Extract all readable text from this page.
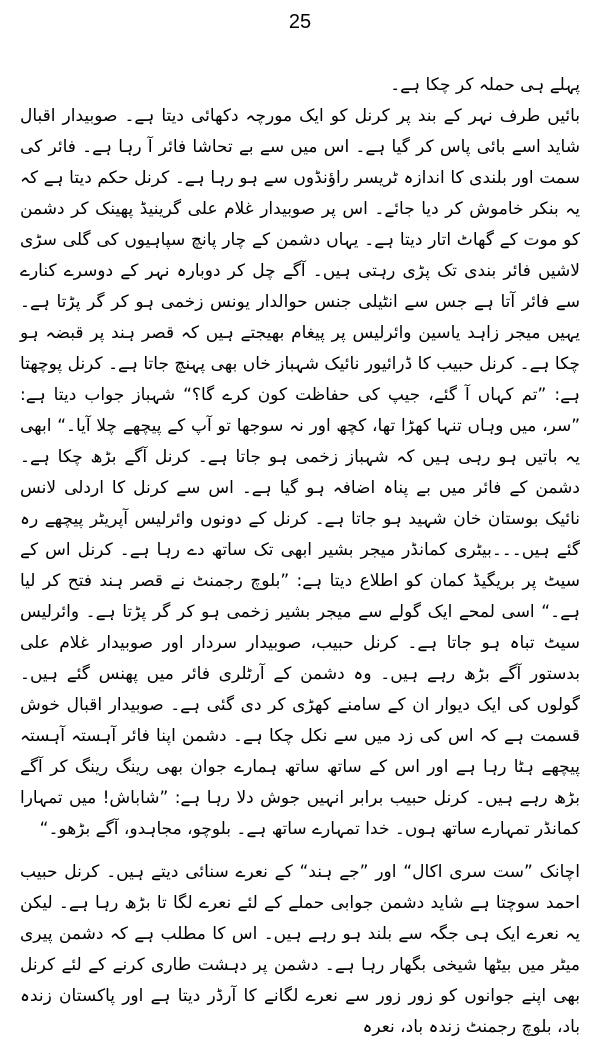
25

پہلے ہی حملہ کر چکا ہے۔

بائیں طرف نہر کے بند پر کرنل کو ایک مورچہ دکھائی دیتا ہے۔ صوبیدار اقبال شاید اسے بائی پاس کر گیا ہے۔ اس میں سے بے تحاشا فائر آ رہا ہے۔ فائر کی سمت اور بلندی کا اندازہ ٹریسر راؤنڈوں سے ہو رہا ہے۔ کرنل حکم دیتا ہے کہ یہ بنکر خاموش کر دیا جائے۔ اس پر صوبیدار غلام علی گرینیڈ پھینک کر دشمن کو موت کے گھاٹ اتار دیتا ہے۔ یہاں دشمن کے چار پانچ سپاہیوں کی گلی سڑی لاشیں فائر بندی تک پڑی رہتی ہیں۔ آگے چل کر دوبارہ نہر کے دوسرے کنارے سے فائر آتا ہے جس سے انٹیلی جنس حوالدار یونس زخمی ہو کر گر پڑتا ہے۔ یہیں میجر زاہد یاسین وائرلیس پر پیغام بھیجتے ہیں کہ قصر ہند پر قبضہ ہو چکا ہے۔ کرنل حبیب کا ڈرائیور نائیک شہباز خاں بھی پہنچ جاتا ہے۔ کرنل پوچھتا ہے: ”تم کہاں آ گئے، جیپ کی حفاظت کون کرے گا؟“ شہباز جواب دیتا ہے: ”سر، میں وہاں تنہا کھڑا تھا، کچھ اور نہ سوجھا تو آپ کے پیچھے چلا آیا۔“ ابھی یہ باتیں ہو رہی ہیں کہ شہباز زخمی ہو جاتا ہے۔ کرنل آگے بڑھ چکا ہے۔ دشمن کے فائر میں بے پناہ اضافہ ہو گیا ہے۔ اس سے کرنل کا اردلی لانس نائیک بوستان خان شہید ہو جاتا ہے۔ کرنل کے دونوں وائرلیس آپریٹر پیچھے رہ گئے ہیں۔۔۔بیٹری کمانڈر میجر بشیر ابھی تک ساتھ دے رہا ہے۔ کرنل اس کے سیٹ پر بریگیڈ کمان کو اطلاع دیتا ہے: ”بلوچ رجمنٹ نے قصر ہند فتح کر لیا ہے۔“ اسی لمحے ایک گولے سے میجر بشیر زخمی ہو کر گر پڑتا ہے۔ وائرلیس سیٹ تباہ ہو جاتا ہے۔ کرنل حبیب، صوبیدار سردار اور صوبیدار غلام علی بدستور آگے بڑھ رہے ہیں۔ وہ دشمن کے آرٹلری فائر میں پھنس گئے ہیں۔ گولوں کی ایک دیوار ان کے سامنے کھڑی کر دی گئی ہے۔ صوبیدار اقبال خوش قسمت ہے کہ اس کی زد میں سے نکل چکا ہے۔ دشمن اپنا فائر آہستہ آہستہ پیچھے ہٹا رہا ہے اور اس کے ساتھ ساتھ ہمارے جوان بھی رینگ رینگ کر آگے بڑھ رہے ہیں۔ کرنل حبیب برابر انہیں جوش دلا رہا ہے: ”شاباش! میں تمہارا کمانڈر تمہارے ساتھ ہوں۔ خدا تمہارے ساتھ ہے۔ بلوچو، مجاہدو، آگے بڑھو۔“

اچانک ”ست سری اکال“ اور ”جے ہند“ کے نعرے سنائی دیتے ہیں۔ کرنل حبیب احمد سوچتا ہے شاید دشمن جوابی حملے کے لئے نعرے لگا تا بڑھ رہا ہے۔ لیکن یہ نعرے ایک ہی جگہ سے بلند ہو رہے ہیں۔ اس کا مطلب ہے کہ دشمن پیری میٹر میں بیٹھا شیخی بگھار رہا ہے۔ دشمن پر دہشت طاری کرنے کے لئے کرنل بھی اپنے جوانوں کو زور زور سے نعرے لگانے کا آرڈر دیتا ہے اور پاکستان زندہ باد، بلوچ رجمنٹ زندہ باد، نعرہ
